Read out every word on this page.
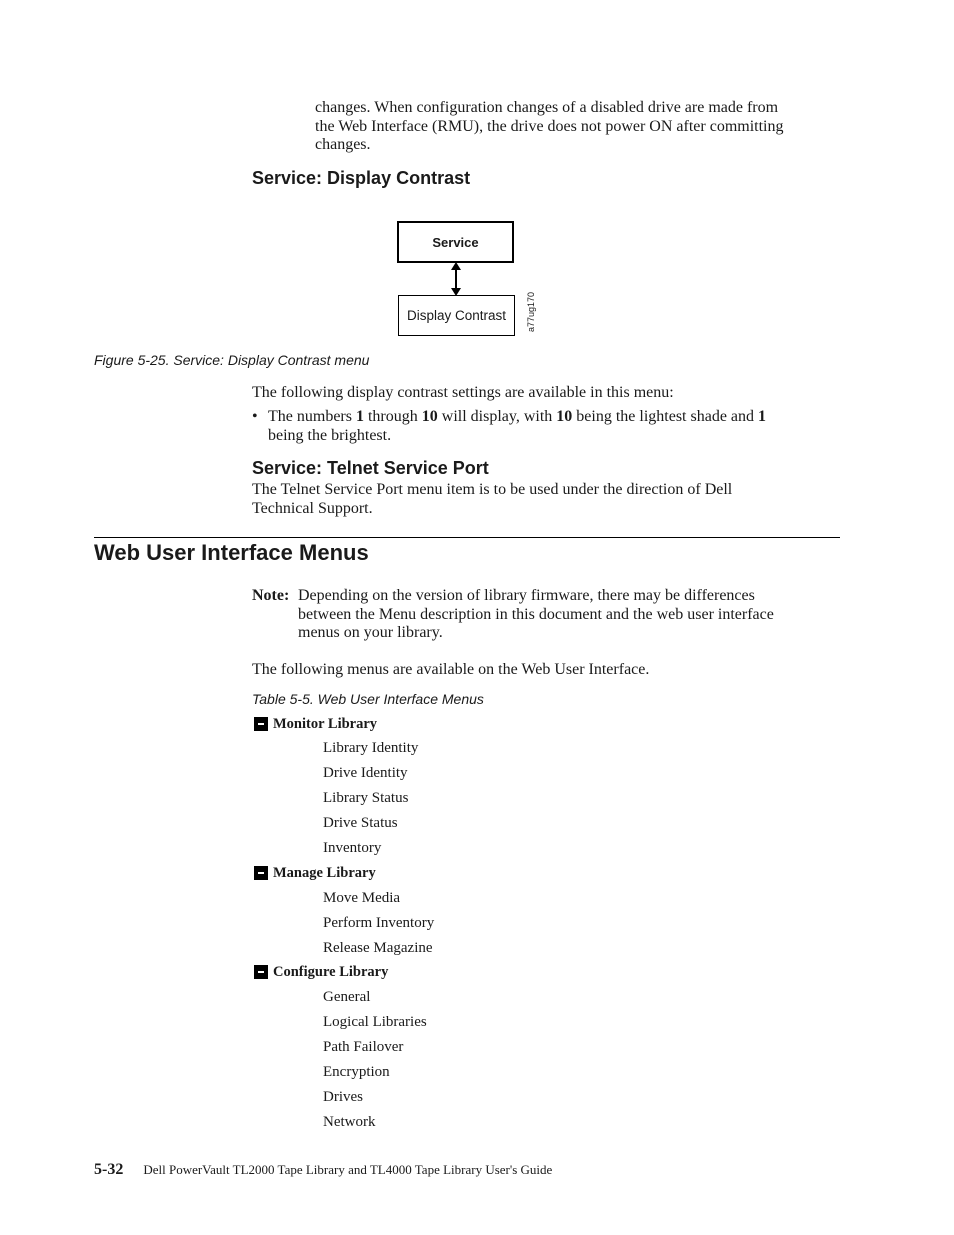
changes. When configuration changes of a disabled drive are made from
the Web Interface (RMU), the drive does not power ON after committing
changes.
Service: Display Contrast
Service
Display Contrast a77ug170
Figure 5-25. Service: Display Contrast menu
The following display contrast settings are available in this menu:
• The numbers 1 through 10 will display, with 10 being the lightest shade and 1
being the brightest.
Service: Telnet Service Port
The Telnet Service Port menu item is to be used under the direction of Dell
Technical Support.
Web User Interface Menus
Note: Depending on the version of library firmware, there may be differences
between the Menu description in this document and the web user interface
menus on your library.
The following menus are available on the Web User Interface.
Table 5-5. Web User Interface Menus
Monitor Library
Library Identity
Drive Identity
Library Status
Drive Status
Inventory
Manage Library
Move Media
Perform Inventory
Release Magazine
Configure Library
General
Logical Libraries
Path Failover
Encryption
Drives
Network
5-32 Dell PowerVault TL2000 Tape Library and TL4000 Tape Library User's Guide
